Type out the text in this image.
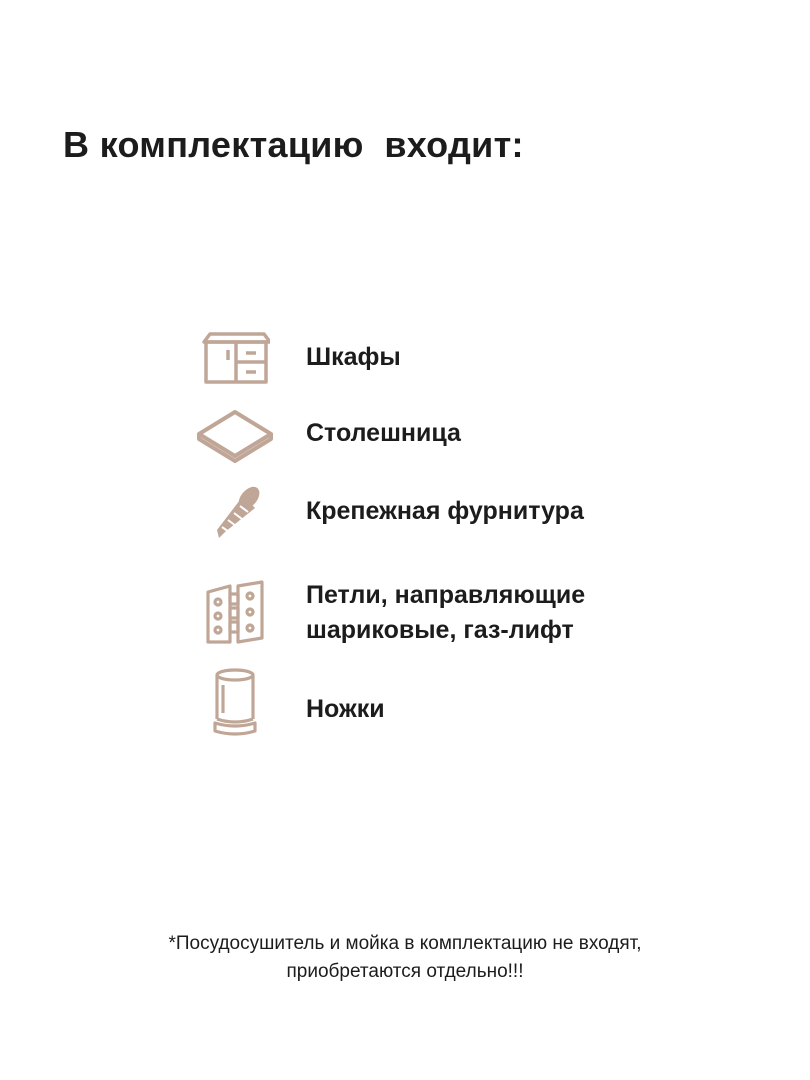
В комплектацию  входит:
Шкафы
Столешница
Крепежная фурнитура
Петли, направляющие
шариковые, газ-лифт
Ножки
*Посудосушитель и мойка в комплектацию не входят,
приобретаются отдельно!!!
